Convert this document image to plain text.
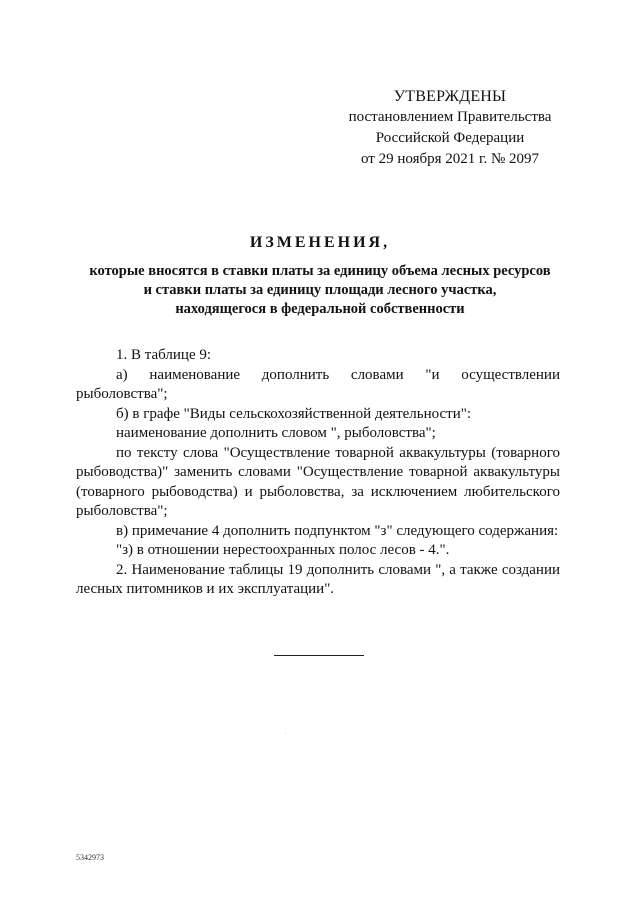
УТВЕРЖДЕНЫ
постановлением Правительства
Российской Федерации
от 29 ноября 2021 г. № 2097
ИЗМЕНЕНИЯ,
которые вносятся в ставки платы за единицу объема лесных ресурсов
и ставки платы за единицу площади лесного участка,
находящегося в федеральной собственности

1. В таблице 9:

а) наименование дополнить словами "и осуществлении рыболовства";

б) в графе "Виды сельскохозяйственной деятельности":

наименование дополнить словом ", рыболовства";

по тексту слова "Осуществление товарной аквакультуры (товарного рыбоводства)" заменить словами "Осуществление товарной аквакультуры (товарного рыбоводства) и рыболовства, за исключением любительского рыболовства";

в) примечание 4 дополнить подпунктом "з" следующего содержания:

"з) в отношении нерестоохранных полос лесов - 4.".

2. Наименование таблицы 19 дополнить словами ", а также создании лесных питомников и их эксплуатации".

.
5342973
